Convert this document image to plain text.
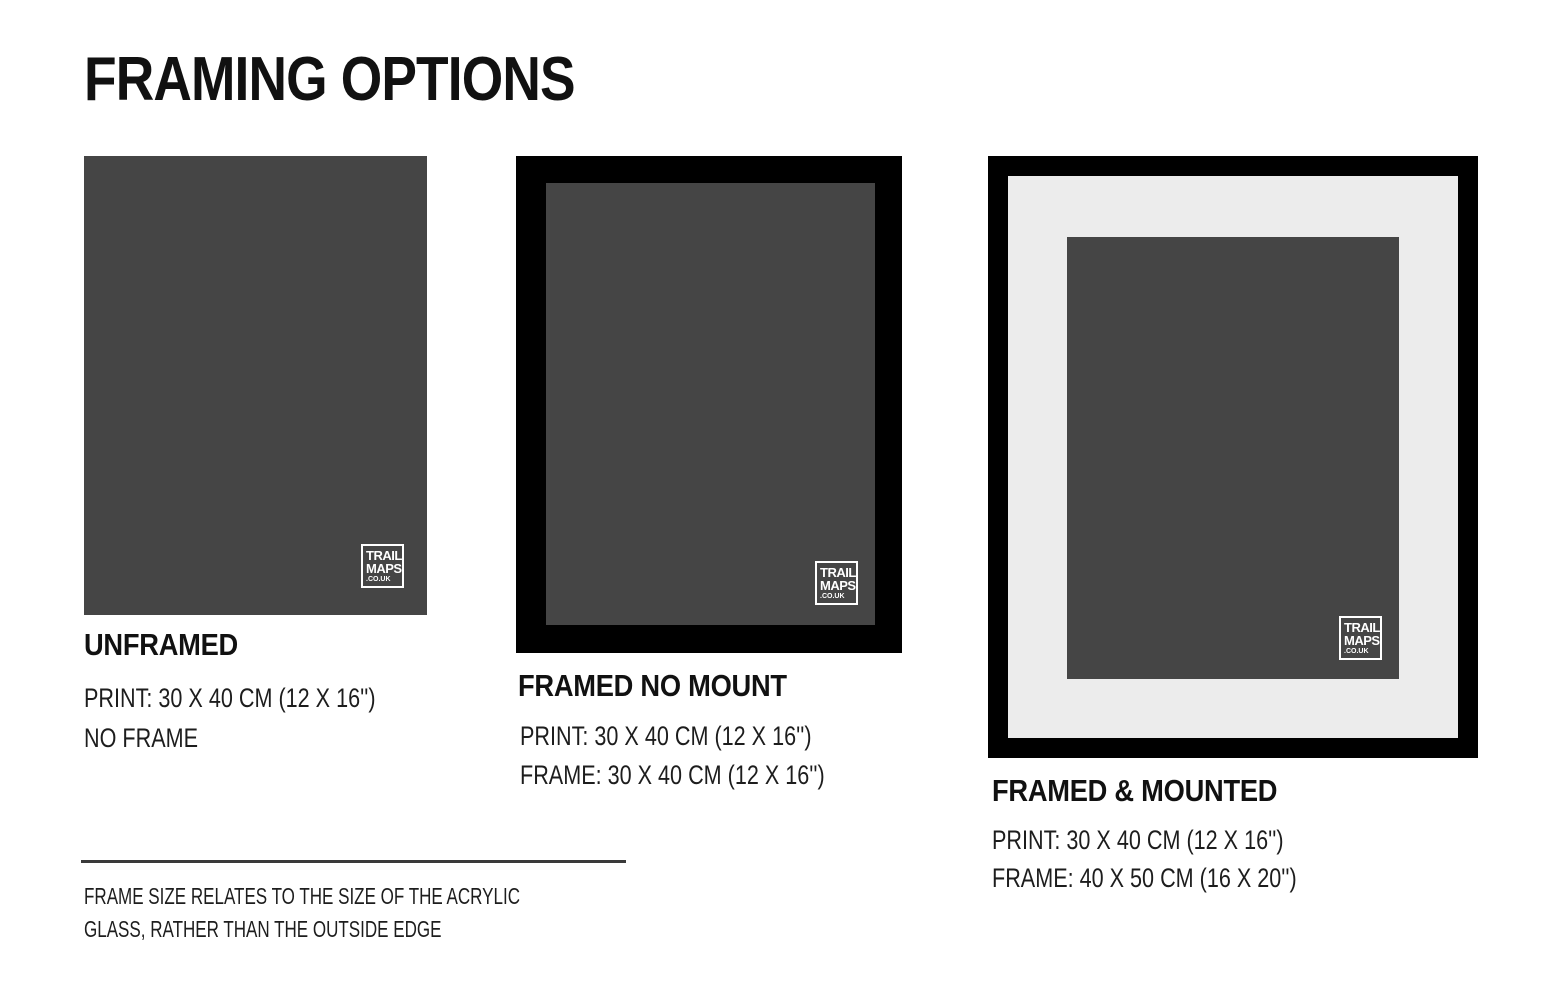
FRAMING OPTIONS
TRAIL
MAPS
.CO.UK
UNFRAMED
PRINT: 30 X 40 CM (12 X 16'')
NO FRAME
TRAIL
MAPS
.CO.UK
FRAMED NO MOUNT
PRINT: 30 X 40 CM (12 X 16'')
FRAME: 30 X 40 CM (12 X 16'')
TRAIL
MAPS
.CO.UK
FRAMED & MOUNTED
PRINT: 30 X 40 CM (12 X 16'')
FRAME: 40 X 50 CM (16 X 20'')
FRAME SIZE RELATES TO THE SIZE OF THE ACRYLIC
GLASS, RATHER THAN THE OUTSIDE EDGE
